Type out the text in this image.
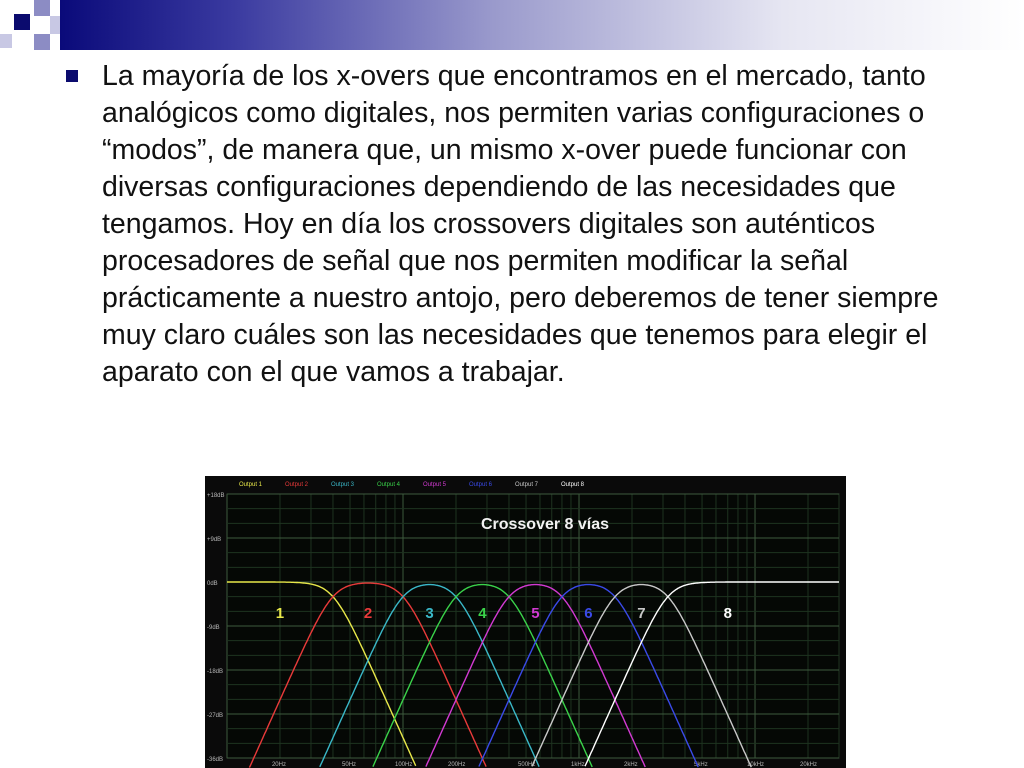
La mayoría de los x-overs que encontramos en el mercado, tanto analógicos como digitales, nos permiten varias configuraciones o “modos”, de manera que, un mismo x-over puede funcionar con diversas configuraciones dependiendo de las necesidades que tengamos. Hoy en día los crossovers digitales son auténticos procesadores de señal que nos permiten modificar la señal prácticamente a nuestro antojo, pero deberemos de tener siempre muy claro cuáles son las necesidades que tenemos para elegir el aparato con el que vamos a trabajar.

+18dB
+9dB
0dB
-9dB
-18dB
-27dB
-36dB
20Hz	50Hz	100Hz	200Hz	500Hz	1kHz	2kHz	5kHz	10kHz	20kHz
Output 1	Output 2	Output 3	Output 4	Output 5	Output 6	Output 7	Output 8
Crossover 8 vías
1	2	3	4	5	6	7	8
